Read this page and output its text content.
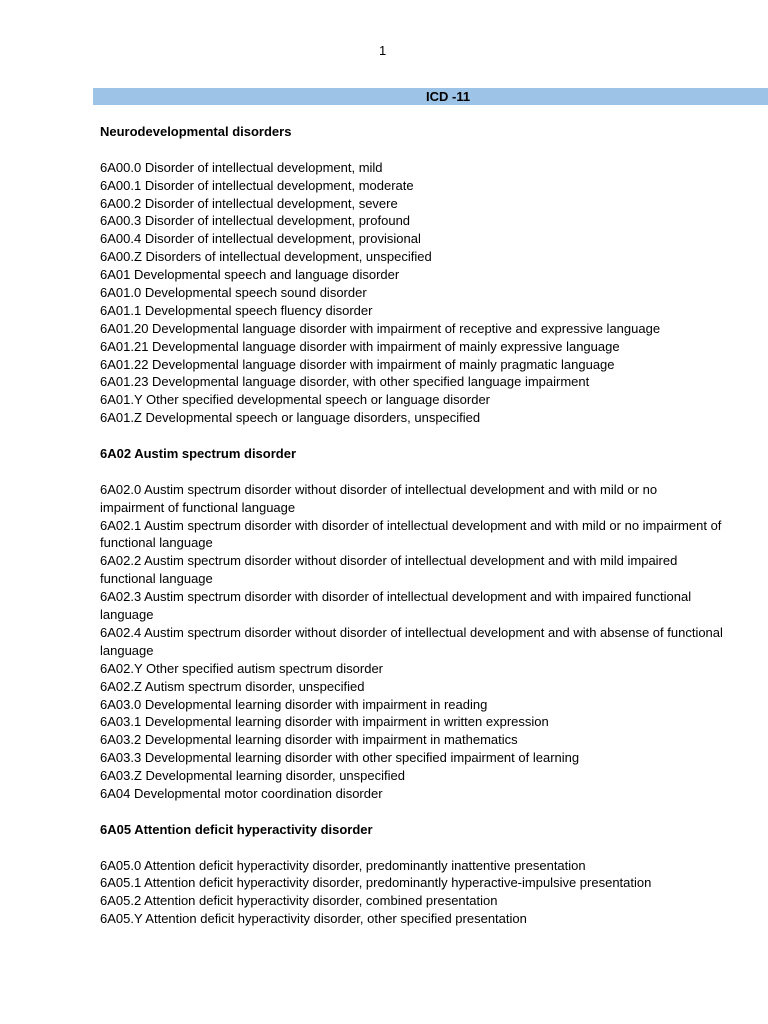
1
ICD -11
Neurodevelopmental disorders
6A00.0 Disorder of intellectual development, mild
6A00.1 Disorder of intellectual development, moderate
6A00.2 Disorder of intellectual development, severe
6A00.3 Disorder of intellectual development, profound
6A00.4 Disorder of intellectual development, provisional
6A00.Z Disorders of intellectual development, unspecified
6A01 Developmental speech and language disorder
6A01.0 Developmental speech sound disorder
6A01.1 Developmental speech fluency disorder
6A01.20 Developmental language disorder with impairment of receptive and expressive language
6A01.21 Developmental language disorder with impairment of mainly expressive language
6A01.22 Developmental language disorder with impairment of mainly pragmatic language
6A01.23 Developmental language disorder, with other specified language impairment
6A01.Y Other specified developmental speech or language disorder
6A01.Z Developmental speech or language disorders, unspecified
6A02 Austim spectrum disorder
6A02.0 Austim spectrum disorder without disorder of intellectual development and with mild or no
impairment of functional language
6A02.1 Austim spectrum disorder with disorder of intellectual development and with mild or no impairment of
functional language
6A02.2 Austim spectrum disorder without disorder of intellectual development and with mild impaired
functional language
6A02.3 Austim spectrum disorder with disorder of intellectual development and with impaired functional
language
6A02.4 Austim spectrum disorder without disorder of intellectual development and with absense of functional
language
6A02.Y Other specified autism spectrum disorder
6A02.Z Autism spectrum disorder, unspecified
6A03.0 Developmental learning disorder with impairment in reading
6A03.1 Developmental learning disorder with impairment in written expression
6A03.2 Developmental learning disorder with impairment in mathematics
6A03.3 Developmental learning disorder with other specified impairment of learning
6A03.Z Developmental learning disorder, unspecified
6A04 Developmental motor coordination disorder
6A05 Attention deficit hyperactivity disorder
6A05.0 Attention deficit hyperactivity disorder, predominantly inattentive presentation
6A05.1 Attention deficit hyperactivity disorder, predominantly hyperactive-impulsive presentation
6A05.2 Attention deficit hyperactivity disorder, combined presentation
6A05.Y Attention deficit hyperactivity disorder, other specified presentation
